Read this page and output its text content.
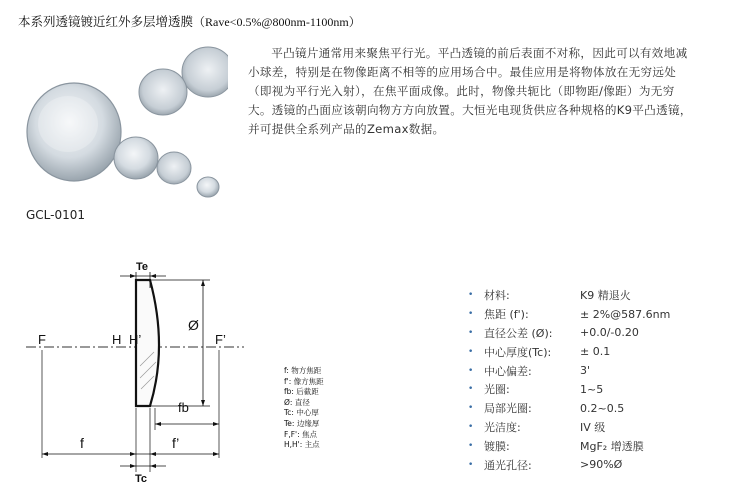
本系列透镜镀近红外多层增透膜（Rave<0.5%@800nm-1100nm）
GCL-0101
平凸镜片通常用来聚焦平行光。平凸透镜的前后表面不对称，因此可以有效地减小球差，特别是在物像距离不相等的应用场合中。最佳应用是将物体放在无穷远处（即视为平行光入射），在焦平面成像。此时，物像共轭比（即物距/像距）为无穷大。透镜的凸面应该朝向物方方向放置。大恒光电现货供应各种规格的K9平凸透镜，并可提供全系列产品的Zemax数据。
Te
Ø
F	F’
H H’
fb
f	f’
Tc
f: 物方焦距
f': 像方焦距
fb: 后截距
Ø: 直径
Tc: 中心厚
Te: 边缘厚
F,F': 焦点
H,H': 主点
• 材料:	K9 精退火
• 焦距 (f'):	± 2%@587.6nm
• 直径公差 (Ø):	+0.0/-0.20
• 中心厚度(Tc):	± 0.1
• 中心偏差:	3'
• 光圈:	1~5
• 局部光圈:	0.2~0.5
• 光洁度:	IV 级
• 镀膜:	MgF₂ 增透膜
• 通光孔径:	>90%Ø
